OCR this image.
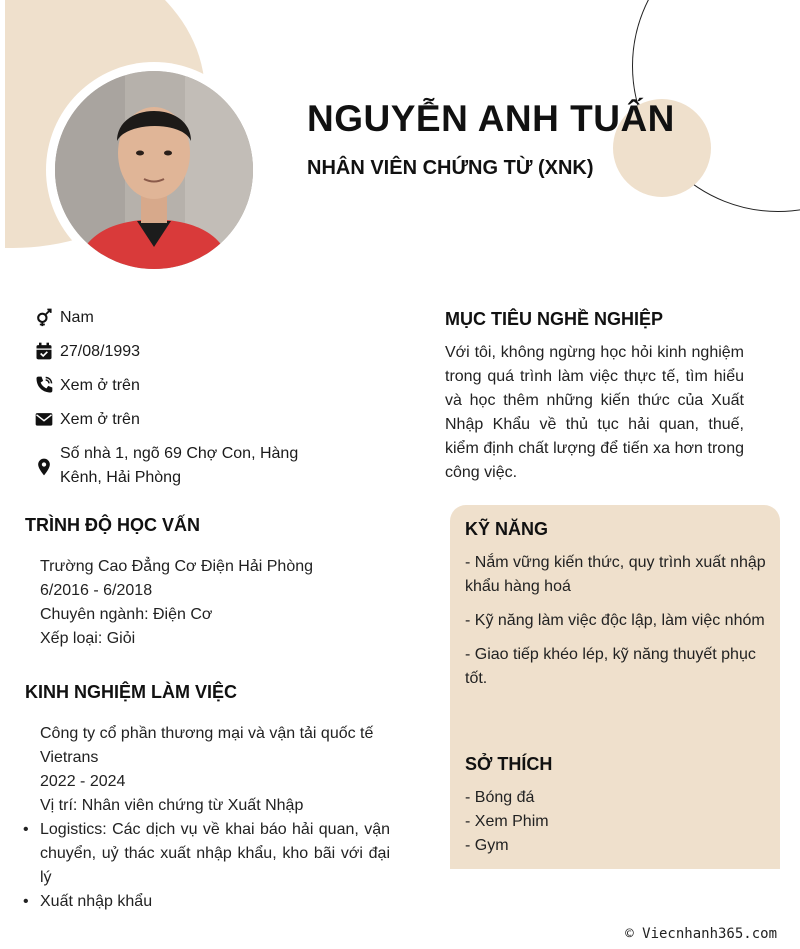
NGUYỄN ANH TUẤN
NHÂN VIÊN CHỨNG TỪ (XNK)
Nam
27/08/1993
Xem ở trên
Xem ở trên
Số nhà 1, ngõ 69 Chợ Con, Hàng Kênh, Hải Phòng
TRÌNH ĐỘ HỌC VẤN

Trường Cao Đẳng Cơ Điện Hải Phòng

6/2016 - 6/2018

Chuyên ngành: Điện Cơ

Xếp loại: Giỏi

KINH NGHIỆM LÀM VIỆC

Công ty cổ phần thương mại và vận tải quốc tế Vietrans

2022 - 2024

Vị trí: Nhân viên chứng từ Xuất Nhập

• Logistics: Các dịch vụ về khai báo hải quan, vận chuyển, uỷ thác xuất nhập khẩu, kho bãi với đại lý
• Xuất nhập khẩu
MỤC TIÊU NGHỀ NGHIỆP

Với tôi, không ngừng học hỏi kinh nghiệm trong quá trình làm việc thực tế, tìm hiểu và học thêm những kiến thức của Xuất Nhập Khẩu về thủ tục hải quan, thuế, kiểm định chất lượng để tiến xa hơn trong công việc.

KỸ NĂNG
- Nắm vững kiến thức, quy trình xuất nhập khẩu hàng hoá
- Kỹ năng làm việc độc lập, làm việc nhóm
- Giao tiếp khéo lép, kỹ năng thuyết phục tốt.
SỞ THÍCH
- Bóng đá
- Xem Phim
- Gym

© Viecnhanh365.com
